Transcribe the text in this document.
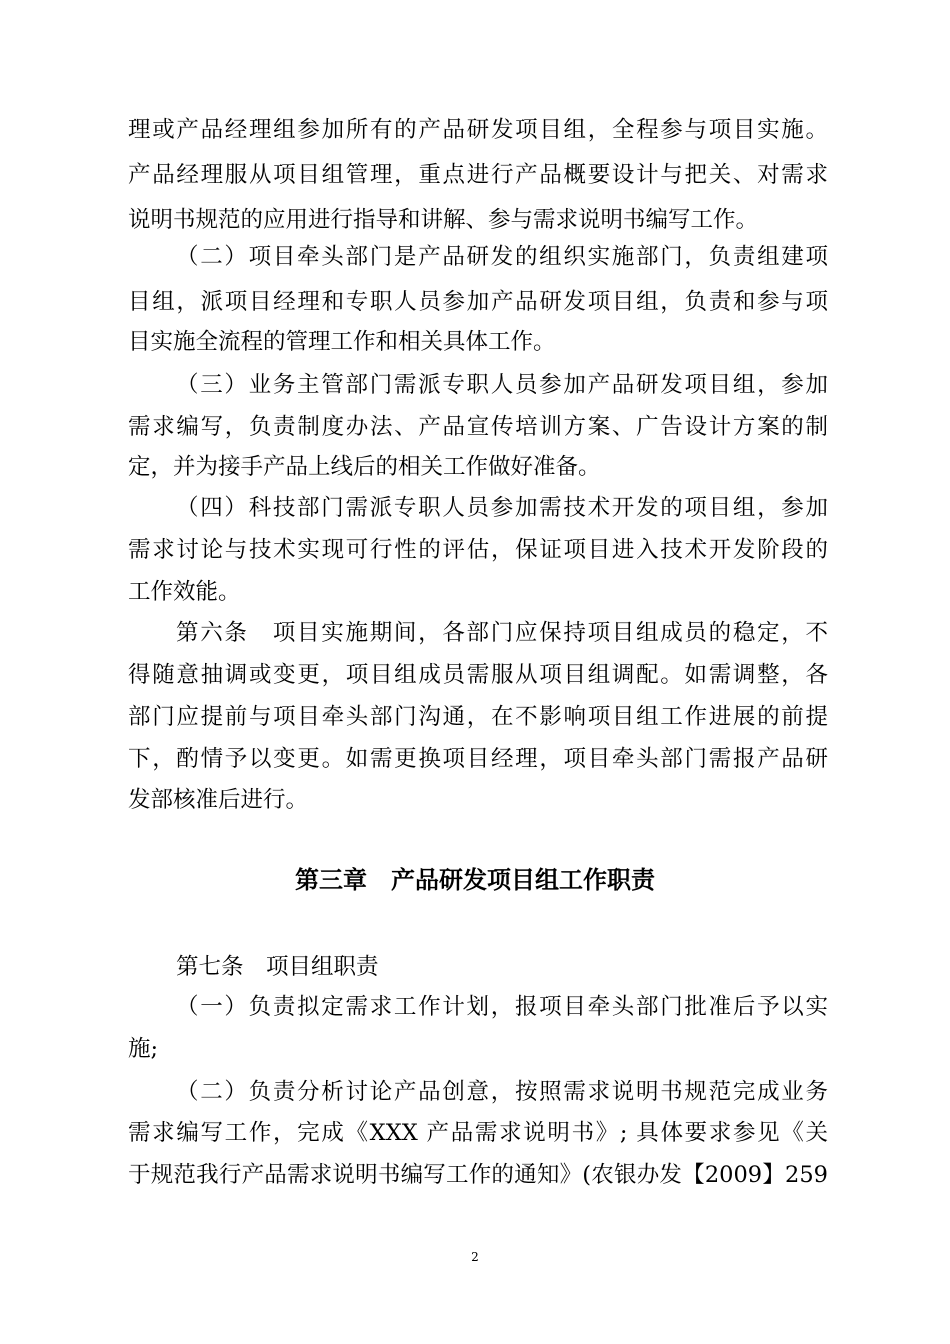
理或产品经理组参加所有的产品研发项目组，全程参与项目实施。
产品经理服从项目组管理，重点进行产品概要设计与把关、对需求
说明书规范的应用进行指导和讲解、参与需求说明书编写工作。
（二）项目牵头部门是产品研发的组织实施部门，负责组建项
目组，派项目经理和专职人员参加产品研发项目组，负责和参与项
目实施全流程的管理工作和相关具体工作。
（三）业务主管部门需派专职人员参加产品研发项目组，参加
需求编写，负责制度办法、产品宣传培训方案、广告设计方案的制
定，并为接手产品上线后的相关工作做好准备。
（四）科技部门需派专职人员参加需技术开发的项目组，参加
需求讨论与技术实现可行性的评估，保证项目进入技术开发阶段的
工作效能。
第六条　项目实施期间，各部门应保持项目组成员的稳定，不
得随意抽调或变更，项目组成员需服从项目组调配。如需调整，各
部门应提前与项目牵头部门沟通，在不影响项目组工作进展的前提
下，酌情予以变更。如需更换项目经理，项目牵头部门需报产品研
发部核准后进行。
第三章　产品研发项目组工作职责
第七条　项目组职责
（一）负责拟定需求工作计划，报项目牵头部门批准后予以实
施;
（二）负责分析讨论产品创意，按照需求说明书规范完成业务
需求编写工作，完成《XXX 产品需求说明书》; 具体要求参见《关
于规范我行产品需求说明书编写工作的通知》(农银办发【2009】259
2
